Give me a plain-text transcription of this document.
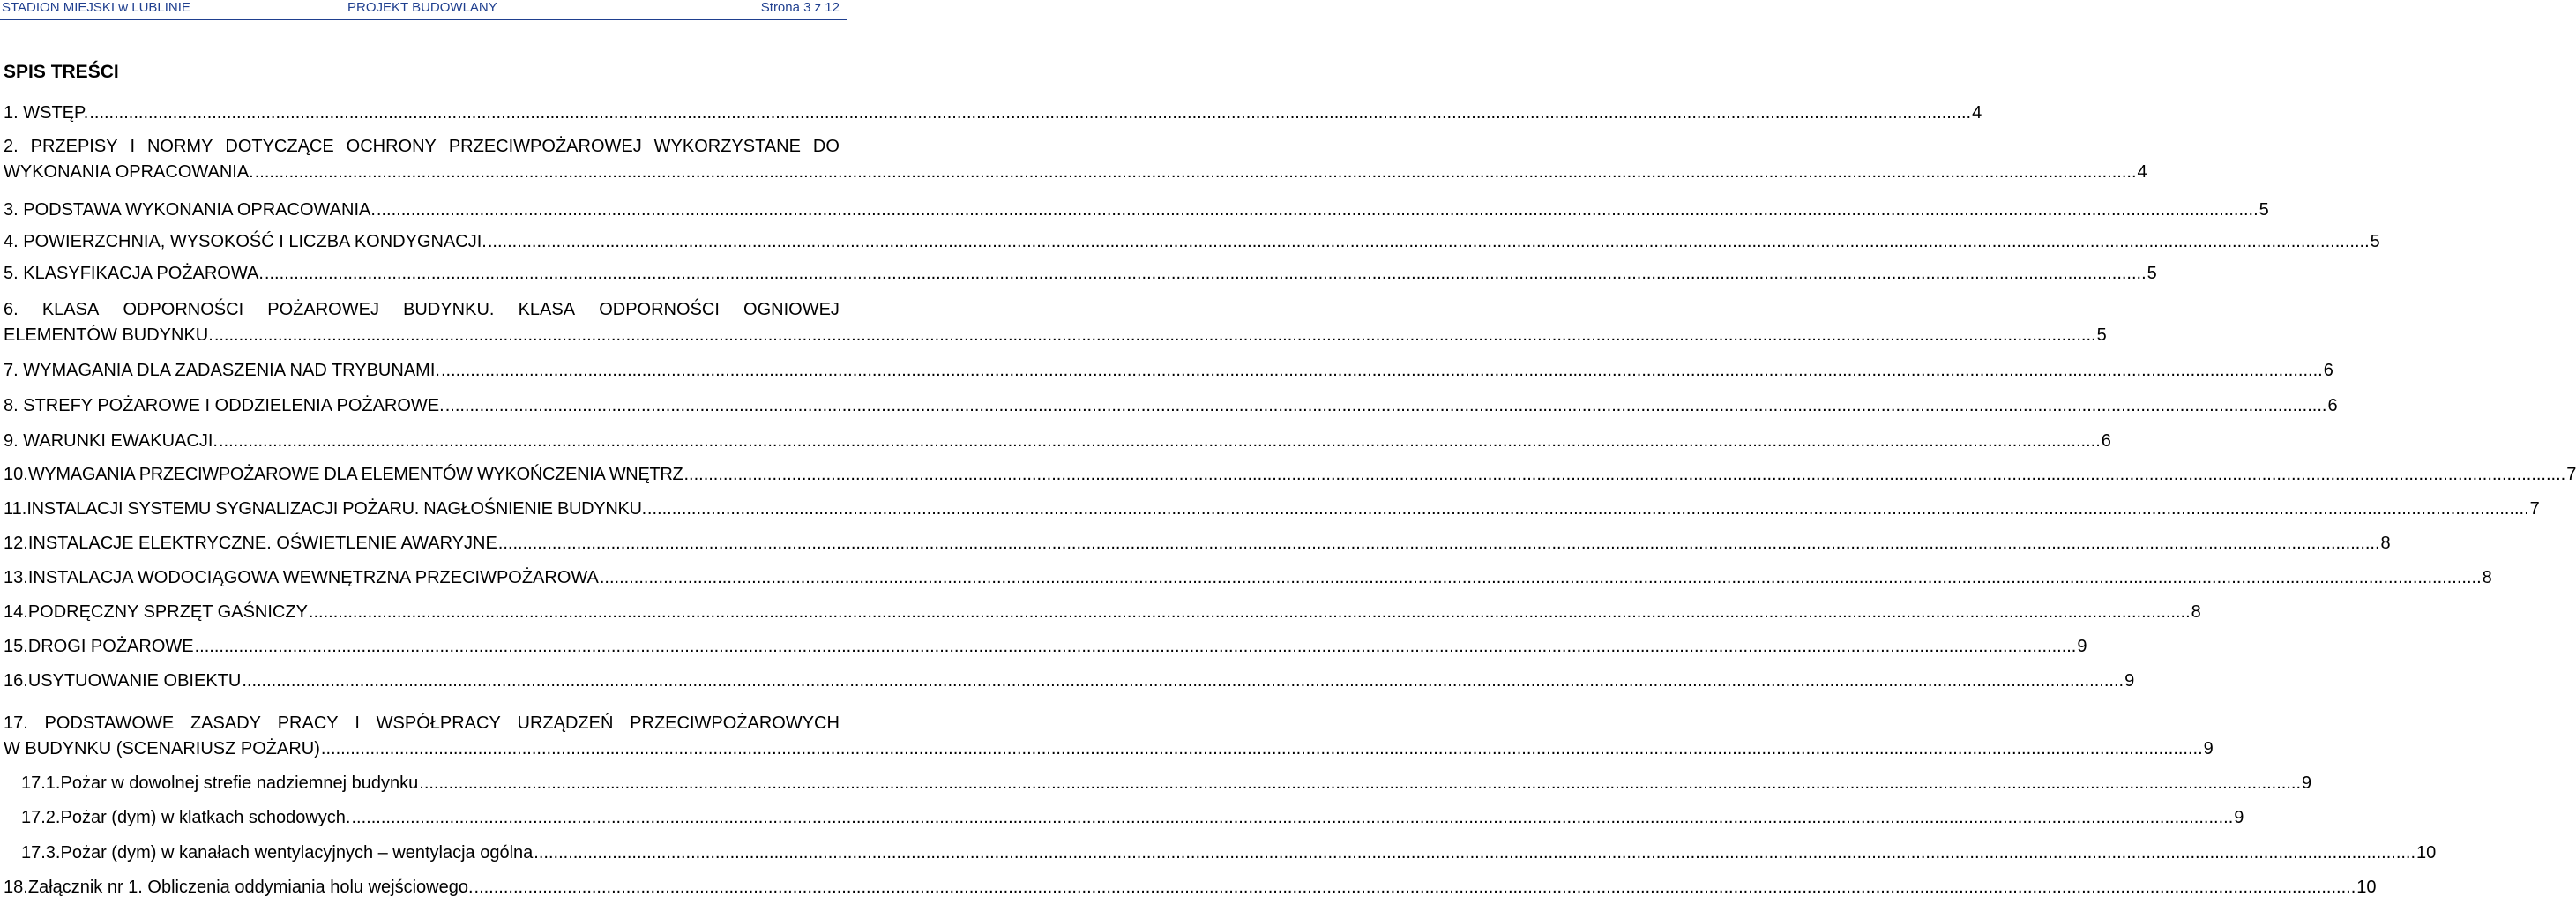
STADION MIEJSKI w LUBLINIE	PROJEKT BUDOWLANY	Strona 3 z 12
SPIS TREŚCI
1. WSTĘP. .....	4
2. PRZEPISY I NORMY DOTYCZĄCE OCHRONY PRZECIWPOŻAROWEJ WYKORZYSTANE DO
WYKONANIA OPRACOWANIA. .....	4
3. PODSTAWA WYKONANIA OPRACOWANIA. .....	5
4. POWIERZCHNIA, WYSOKOŚĆ I LICZBA KONDYGNACJI. .....	5
5. KLASYFIKACJA POŻAROWA. .....	5
6. KLASA ODPORNOŚCI POŻAROWEJ BUDYNKU. KLASA ODPORNOŚCI OGNIOWEJ
ELEMENTÓW BUDYNKU. .....	5
7. WYMAGANIA DLA ZADASZENIA NAD TRYBUNAMI. .....	6
8. STREFY POŻAROWE I ODDZIELENIA POŻAROWE. .....	6
9. WARUNKI EWAKUACJI. .....	6
10. WYMAGANIA PRZECIWPOŻAROWE DLA ELEMENTÓW WYKOŃCZENIA WNĘTRZ .....	7
11. INSTALACJI SYSTEMU SYGNALIZACJI POŻARU. NAGŁOŚNIENIE BUDYNKU. .....	7
12. INSTALACJE ELEKTRYCZNE. OŚWIETLENIE AWARYJNE .....	8
13. INSTALACJA WODOCIĄGOWA WEWNĘTRZNA PRZECIWPOŻAROWA .....	8
14. PODRĘCZNY SPRZĘT GAŚNICZY .....	8
15. DROGI POŻAROWE .....	9
16. USYTUOWANIE OBIEKTU .....	9
17. PODSTAWOWE ZASADY PRACY I WSPÓŁPRACY URZĄDZEŃ PRZECIWPOŻAROWYCH
W BUDYNKU (SCENARIUSZ POŻARU) .....	9
17.1. Pożar w dowolnej strefie nadziemnej budynku .....	9
17.2. Pożar (dym) w klatkach schodowych. .....	9
17.3. Pożar (dym) w kanałach wentylacyjnych – wentylacja ogólna .....	10
18. Załącznik nr 1. Obliczenia oddymiania holu wejściowego. .....	10
